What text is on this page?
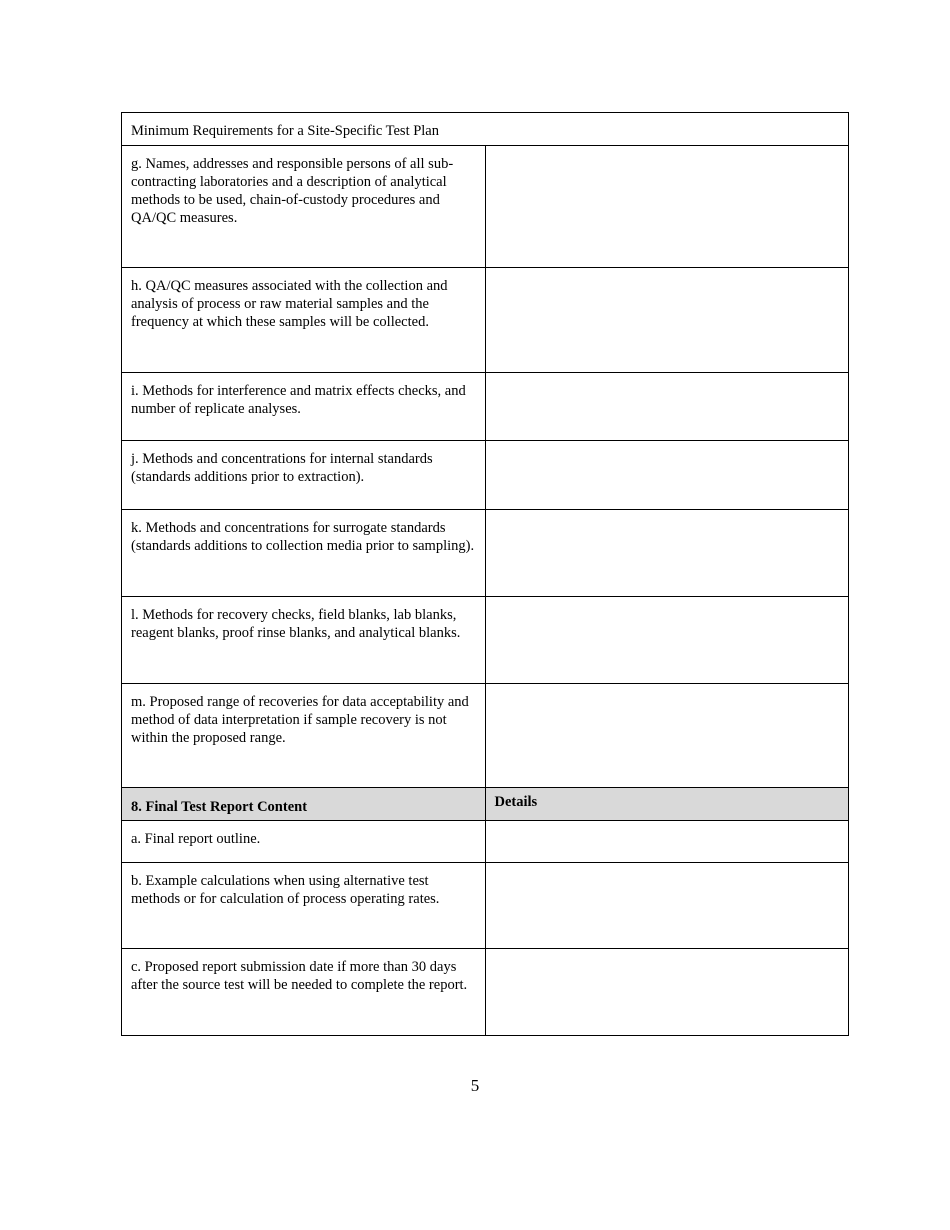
Minimum Requirements for a Site-Specific Test Plan	

g. Names, addresses and responsible persons of all sub-contracting laboratories and a description of analytical methods to be used, chain-of-custody procedures and QA/QC measures.	

h. QA/QC measures associated with the collection and analysis of process or raw material samples and the frequency at which these samples will be collected.	

i. Methods for interference and matrix effects checks, and number of replicate analyses.	

j. Methods and concentrations for internal standards (standards additions prior to extraction).	

k. Methods and concentrations for surrogate standards (standards additions to collection media prior to sampling).	

l. Methods for recovery checks, field blanks, lab blanks, reagent blanks, proof rinse blanks, and analytical blanks.	

m. Proposed range of recoveries for data acceptability and method of data interpretation if sample recovery is not within the proposed range.	

8. Final Test Report Content	Details

a. Final report outline.	

b. Example calculations when using alternative test methods or for calculation of process operating rates.	

c. Proposed report submission date if more than 30 days after the source test will be needed to complete the report.	

5
